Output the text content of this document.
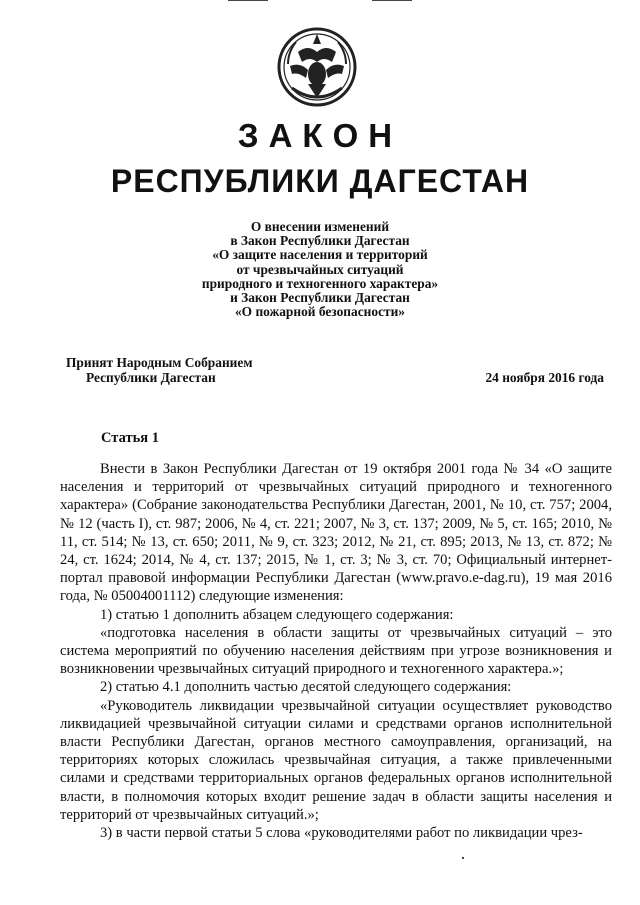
ЗАКОН
РЕСПУБЛИКИ ДАГЕСТАН
О внесении изменений
в Закон Республики Дагестан
«О защите населения и территорий
от чрезвычайных ситуаций
природного и техногенного характера»
и Закон Республики Дагестан
«О пожарной безопасности»
Принят Народным Собранием
Республики Дагестан	24 ноября 2016 года
Статья 1

Внести в Закон Республики Дагестан от 19 октября 2001 года № 34 «О защите населения и территорий от чрезвычайных ситуаций природного и техногенного характера» (Собрание законодательства Республики Дагестан, 2001, № 10, ст. 757; 2004, № 12 (часть I), ст. 987; 2006, № 4, ст. 221; 2007, № 3, ст. 137; 2009, № 5, ст. 165; 2010, № 11, ст. 514; № 13, ст. 650; 2011, № 9, ст. 323; 2012, № 21, ст. 895; 2013, № 13, ст. 872; № 24, ст. 1624; 2014, № 4, ст. 137; 2015, № 1, ст. 3; № 3, ст. 70; Официальный интернет-портал правовой информации Республики Дагестан (www.pravo.e-dag.ru), 19 мая 2016 года, № 05004001112) следующие изменения:

1) статью 1 дополнить абзацем следующего содержания:

«подготовка населения в области защиты от чрезвычайных ситуаций – это система мероприятий по обучению населения действиям при угрозе возникновения и возникновении чрезвычайных ситуаций природного и техногенного характера.»;

2) статью 4.1 дополнить частью десятой следующего содержания:

«Руководитель ликвидации чрезвычайной ситуации осуществляет руководство ликвидацией чрезвычайной ситуации силами и средствами органов исполнительной власти Республики Дагестан, органов местного самоуправления, организаций, на территориях которых сложилась чрезвычайная ситуация, а также привлеченными силами и средствами территориальных органов федеральных органов исполнительной власти, в полномочия которых входит решение задач в области защиты населения и территорий от чрезвычайных ситуаций.»;

3) в части первой статьи 5 слова «руководителями работ по ликвидации чрез-
